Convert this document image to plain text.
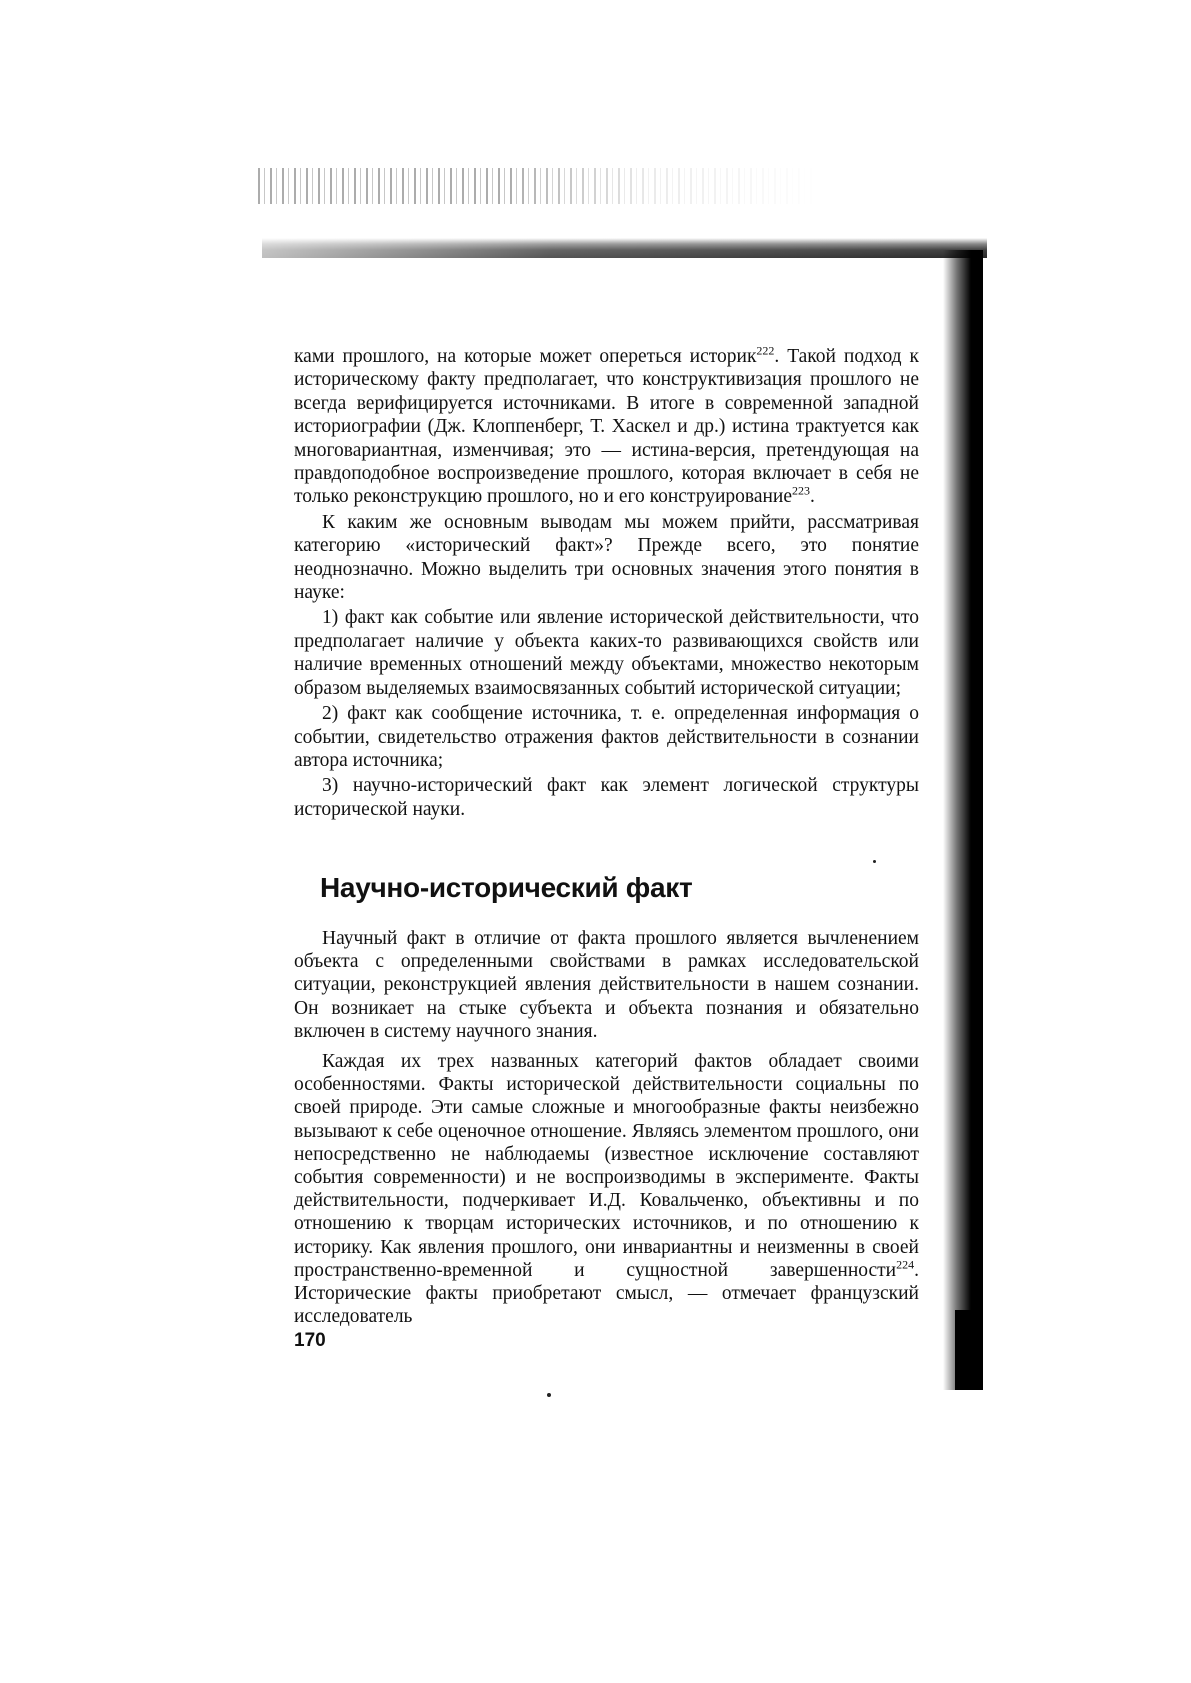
ками прошлого, на которые может опереться историк$^{222}$. Такой подход к историческому факту предполагает, что конструктивизация прошлого не всегда верифицируется источниками. В итоге в современной западной историографии (Дж. Клоппенберг, Т. Хаскел и др.) истина трактуется как многовариантная, изменчивая; это — истина-версия, претендующая на правдоподобное воспроизведение прошлого, которая включает в себя не только реконструкцию прошлого, но и его конструирование$^{223}$.

К каким же основным выводам мы можем прийти, рассматривая категорию «исторический факт»? Прежде всего, это понятие неоднозначно. Можно выделить три основных значения этого понятия в науке:

1) факт как событие или явление исторической действительности, что предполагает наличие у объекта каких-то развивающихся свойств или наличие временных отношений между объектами, множество некоторым образом выделяемых взаимосвязанных событий исторической ситуации;

2) факт как сообщение источника, т. е. определенная информация о событии, свидетельство отражения фактов действительности в сознании автора источника;

3) научно-исторический факт как элемент логической структуры исторической науки.

Научно-исторический факт

Научный факт в отличие от факта прошлого является вычленением объекта с определенными свойствами в рамках исследовательской ситуации, реконструкцией явления действительности в нашем сознании. Он возникает на стыке субъекта и объекта познания и обязательно включен в систему научного знания.

Каждая их трех названных категорий фактов обладает своими особенностями. Факты исторической действительности социальны по своей природе. Эти самые сложные и многообразные факты неизбежно вызывают к себе оценочное отношение. Являясь элементом прошлого, они непосредственно не наблюдаемы (известное исключение составляют события современности) и не воспроизводимы в эксперименте. Факты действительности, подчеркивает И.Д. Ковальченко, объективны и по отношению к творцам исторических источников, и по отношению к историку. Как явления прошлого, они инвариантны и неизменны в своей пространственно-временной и сущностной завершенности$^{224}$. Исторические факты приобретают смысл, — отмечает французский исследователь

170
